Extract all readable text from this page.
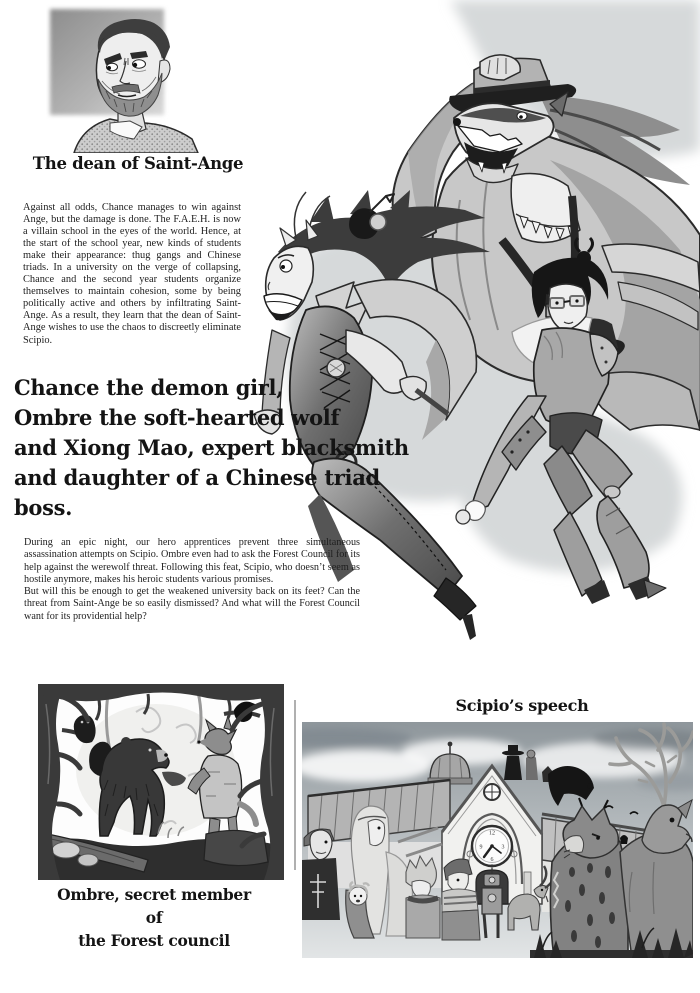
The dean of Saint-Ange
Against all odds, Chance manages to win against Ange, but the damage is done. The F.A.E.H. is now a villain school in the eyes of the world. Hence, at the start of the school year, new kinds of students make their appearance: thug gangs and Chinese triads. In a university on the verge of collapsing, Chance and the second year students organize themselves to maintain cohesion, some by being politically active and others by infiltrating Saint-Ange. As a result, they learn that the dean of Saint-Ange wishes to use the chaos to discreetly eliminate Scipio.
Chance the demon girl,
Ombre the soft-hearted wolf
and Xiong Mao, expert blacksmith
and daughter of a Chinese triad boss.
During an epic night, our hero apprentices prevent three simultaneous assassination attempts on Scipio. Ombre even had to ask the Forest Council for its help against the werewolf threat. Following this feat, Scipio, who doesn’t seem as hostile anymore, makes his heroic students various promises.
But will this be enough to get the weakened university back on its feet? Can the threat from Saint-Ange be so easily dismissed? And what will the Forest Council want for its providential help?
Ombre, secret member of
the Forest council
Scipio’s speech
12
3
6
9
